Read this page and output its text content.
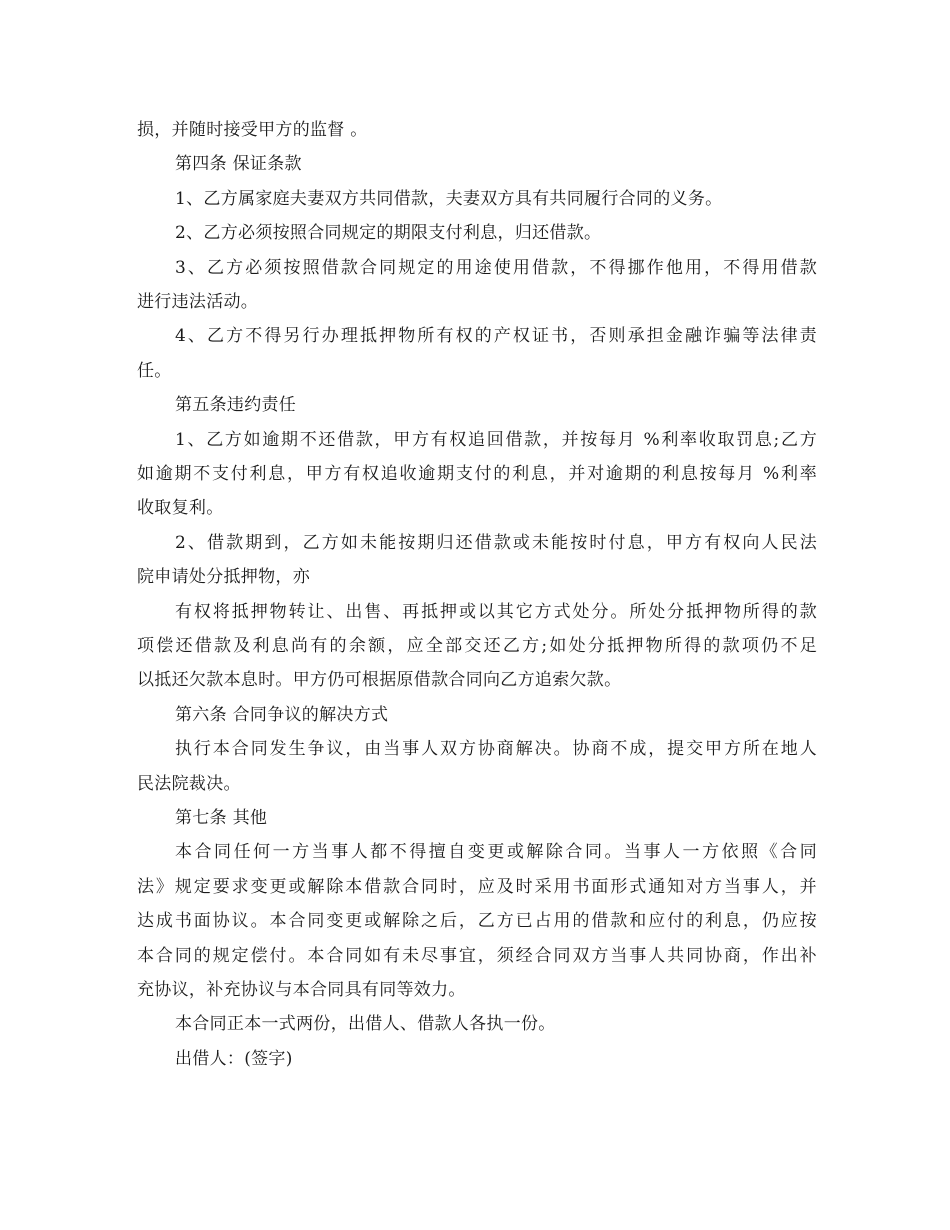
损，并随时接受甲方的监督 。
第四条 保证条款
1、乙方属家庭夫妻双方共同借款，夫妻双方具有共同履行合同的义务。
2、乙方必须按照合同规定的期限支付利息，归还借款。
3、乙方必须按照借款合同规定的用途使用借款，不得挪作他用，不得用借款
进行违法活动。
4、乙方不得另行办理抵押物所有权的产权证书，否则承担金融诈骗等法律责
任。
第五条违约责任
1、乙方如逾期不还借款，甲方有权追回借款，并按每月 %利率收取罚息;乙方
如逾期不支付利息，甲方有权追收逾期支付的利息，并对逾期的利息按每月 %利率
收取复利。
2、借款期到，乙方如未能按期归还借款或未能按时付息，甲方有权向人民法
院申请处分抵押物，亦
有权将抵押物转让、出售、再抵押或以其它方式处分。所处分抵押物所得的款
项偿还借款及利息尚有的余额，应全部交还乙方;如处分抵押物所得的款项仍不足
以抵还欠款本息时。甲方仍可根据原借款合同向乙方追索欠款。
第六条 合同争议的解决方式
执行本合同发生争议，由当事人双方协商解决。协商不成，提交甲方所在地人
民法院裁决。
第七条 其他
本合同任何一方当事人都不得擅自变更或解除合同。当事人一方依照《合同
法》规定要求变更或解除本借款合同时，应及时采用书面形式通知对方当事人，并
达成书面协议。本合同变更或解除之后，乙方已占用的借款和应付的利息，仍应按
本合同的规定偿付。本合同如有未尽事宜，须经合同双方当事人共同协商，作出补
充协议，补充协议与本合同具有同等效力。
本合同正本一式两份，出借人、借款人各执一份。
出借人：(签字)
